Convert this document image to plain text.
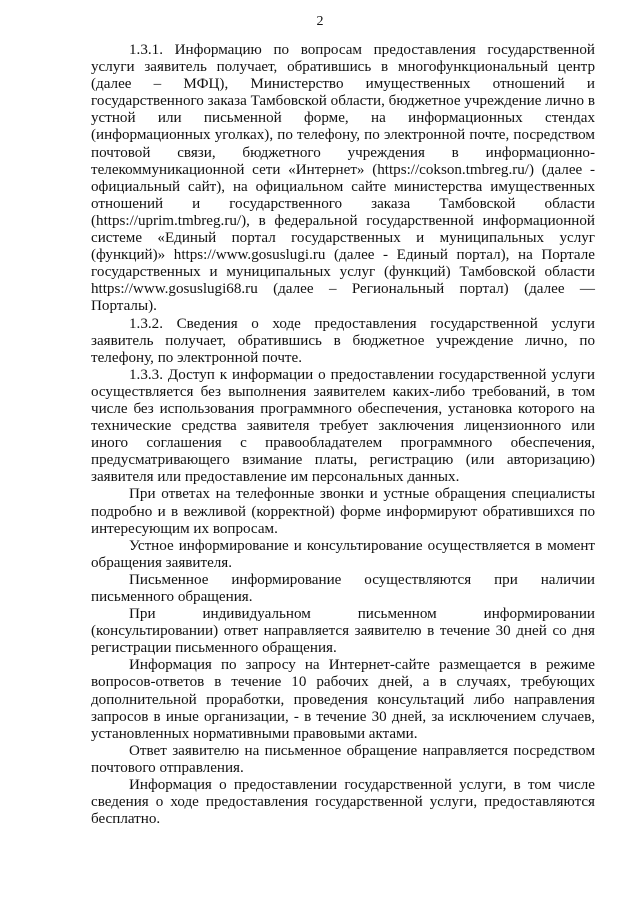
2

1.3.1. Информацию по вопросам предоставления государственной услуги заявитель получает, обратившись в многофункциональный центр (далее – МФЦ), Министерство имущественных отношений и государственного заказа Тамбовской области, бюджетное учреждение лично в устной или письменной форме, на информационных стендах (информационных уголках), по телефону, по электронной почте, посредством почтовой связи, бюджетного учреждения в информационно-телекоммуникационной сети «Интернет» (https://cokson.tmbreg.ru/) (далее - официальный сайт), на официальном сайте министерства имущественных отношений и государственного заказа Тамбовской области (https://uprim.tmbreg.ru/), в федеральной государственной информационной системе «Единый портал государственных и муниципальных услуг (функций)» https://www.gosuslugi.ru (далее - Единый портал), на Портале государственных и муниципальных услуг (функций) Тамбовской области https://www.gosuslugi68.ru (далее – Региональный портал) (далее — Порталы).

1.3.2. Сведения о ходе предоставления государственной услуги заявитель получает, обратившись в бюджетное учреждение лично, по телефону, по электронной почте.

1.3.3. Доступ к информации о предоставлении государственной услуги осуществляется без выполнения заявителем каких-либо требований, в том числе без использования программного обеспечения, установка которого на технические средства заявителя требует заключения лицензионного или иного соглашения с правообладателем программного обеспечения, предусматривающего взимание платы, регистрацию (или авторизацию) заявителя или предоставление им персональных данных.

При ответах на телефонные звонки и устные обращения специалисты подробно и в вежливой (корректной) форме информируют обратившихся по интересующим их вопросам.

Устное информирование и консультирование осуществляется в момент обращения заявителя.

Письменное информирование осуществляются при наличии письменного обращения.

При индивидуальном письменном информировании (консультировании) ответ направляется заявителю в течение 30 дней со дня регистрации письменного обращения.

Информация по запросу на Интернет-сайте размещается в режиме вопросов-ответов в течение 10 рабочих дней, а в случаях, требующих дополнительной проработки, проведения консультаций либо направления запросов в иные организации, - в течение 30 дней, за исключением случаев, установленных нормативными правовыми актами.

Ответ заявителю на письменное обращение направляется посредством почтового отправления.

Информация о предоставлении государственной услуги, в том числе сведения о ходе предоставления государственной услуги, предоставляются бесплатно.
